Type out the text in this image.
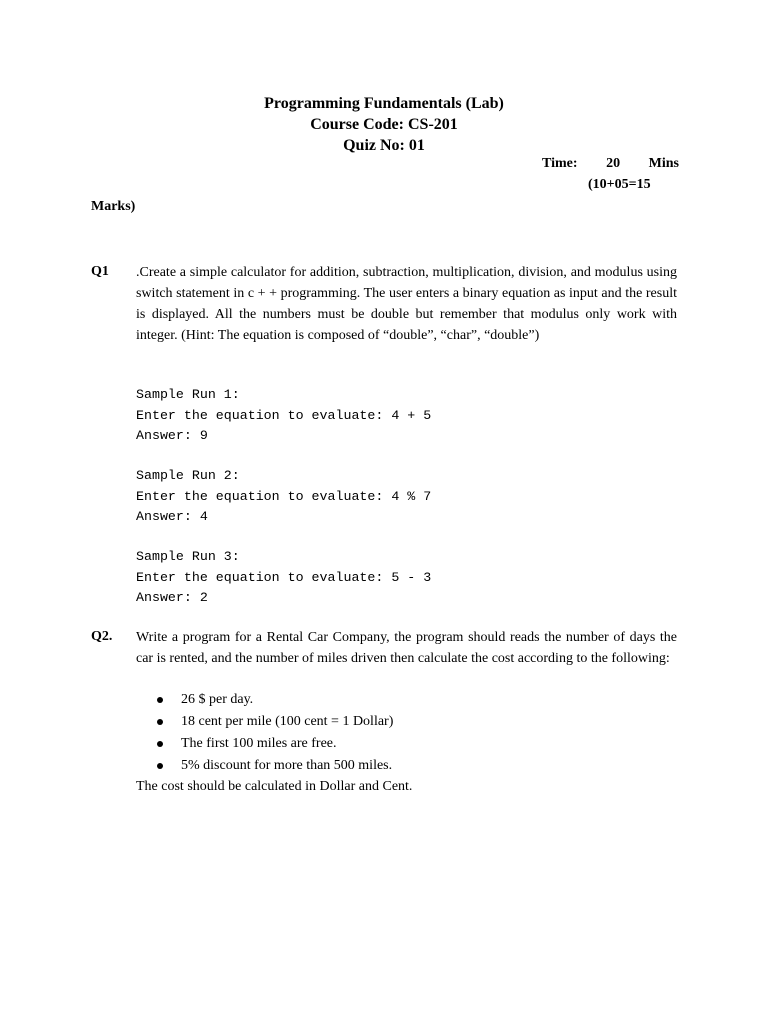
Programming Fundamentals (Lab)
Course Code: CS-201
Quiz No: 01
Time: 20 Mins
(10+05=15
Marks)
Q1 .Create a simple calculator for addition, subtraction, multiplication, division, and modulus using switch statement in c + + programming. The user enters a binary equation as input and the result is displayed. All the numbers must be double but remember that modulus only work with integer. (Hint: The equation is composed of “double”, “char”, “double”)
Sample Run 1:
Enter the equation to evaluate: 4 + 5
Answer: 9
Sample Run 2:
Enter the equation to evaluate: 4 % 7
Answer: 4
Sample Run 3:
Enter the equation to evaluate: 5 - 3
Answer: 2
Q2. Write a program for a Rental Car Company, the program should reads the number of days the car is rented, and the number of miles driven then calculate the cost according to the following:
26 $ per day.
18 cent per mile (100 cent = 1 Dollar)
The first 100 miles are free.
5% discount for more than 500 miles.
The cost should be calculated in Dollar and Cent.
